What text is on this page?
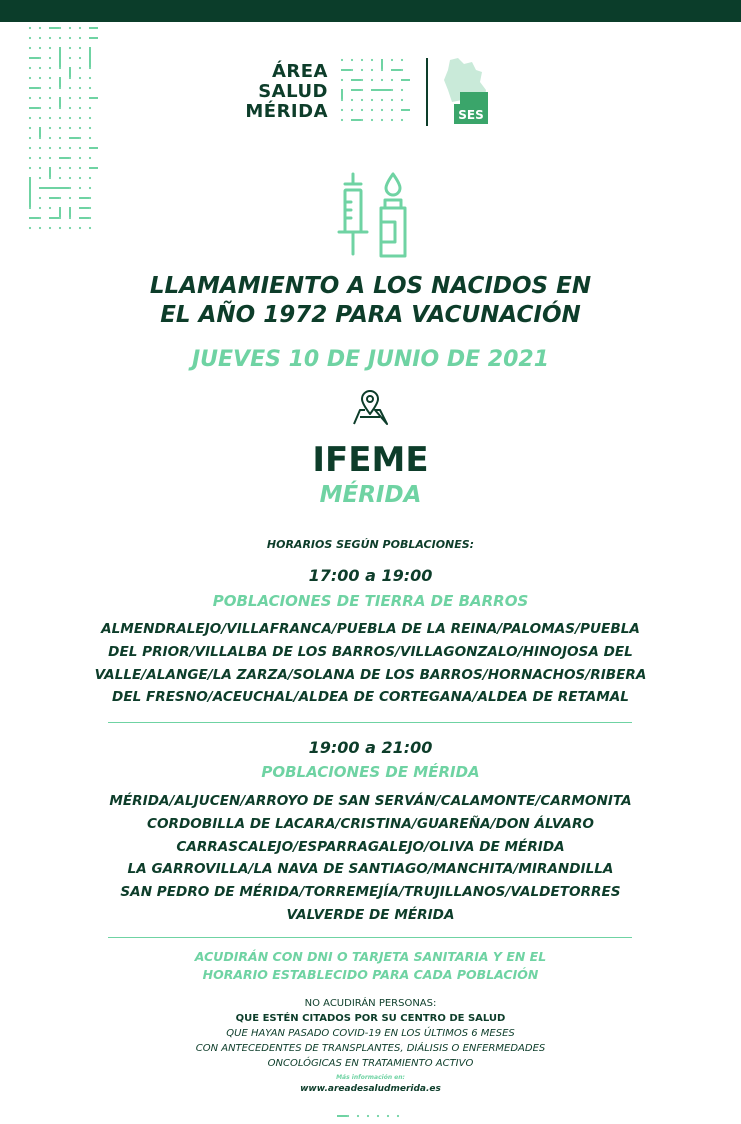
ÁREA
SALUD
MÉRIDA	SES
LLAMAMIENTO A LOS NACIDOS EN
EL AÑO 1972 PARA VACUNACIÓN
JUEVES 10 DE JUNIO DE 2021
IFEME
MÉRIDA
HORARIOS SEGÚN POBLACIONES:
17:00 a 19:00
POBLACIONES DE TIERRA DE BARROS
ALMENDRALEJO/VILLAFRANCA/PUEBLA DE LA REINA/PALOMAS/PUEBLA
DEL PRIOR/VILLALBA DE LOS BARROS/VILLAGONZALO/HINOJOSA DEL
VALLE/ALANGE/LA ZARZA/SOLANA DE LOS BARROS/HORNACHOS/RIBERA
DEL FRESNO/ACEUCHAL/ALDEA DE CORTEGANA/ALDEA DE RETAMAL
19:00 a 21:00
POBLACIONES DE MÉRIDA
MÉRIDA/ALJUCEN/ARROYO DE SAN SERVÁN/CALAMONTE/CARMONITA
CORDOBILLA DE LACARA/CRISTINA/GUAREÑA/DON ÁLVARO
CARRASCALEJO/ESPARRAGALEJO/OLIVA DE MÉRIDA
LA GARROVILLA/LA NAVA DE SANTIAGO/MANCHITA/MIRANDILLA
SAN PEDRO DE MÉRIDA/TORREMEJÍA/TRUJILLANOS/VALDETORRES
VALVERDE DE MÉRIDA
ACUDIRÁN CON DNI O TARJETA SANITARIA Y EN EL
HORARIO ESTABLECIDO PARA CADA POBLACIÓN
NO ACUDIRÁN PERSONAS:
QUE ESTÉN CITADOS POR SU CENTRO DE SALUD
QUE HAYAN PASADO COVID-19 EN LOS ÚLTIMOS 6 MESES
CON ANTECEDENTES DE TRANSPLANTES, DIÁLISIS O ENFERMEDADES
ONCOLÓGICAS EN TRATAMIENTO ACTIVO
Más información en:
www.areadesaludmerida.es
